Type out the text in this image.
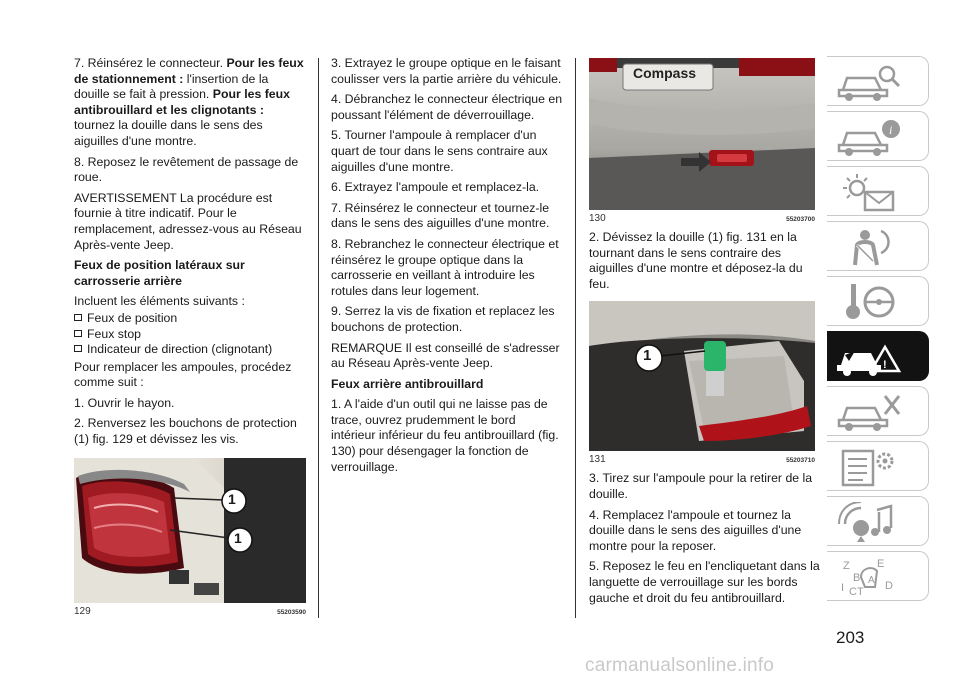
7. Réinsérez le connecteur. Pour les feux de stationnement : l'insertion de la douille se fait à pression. Pour les feux antibrouillard et les clignotants : tournez la douille dans le sens des aiguilles d'une montre.

8. Reposez le revêtement de passage de roue.

AVERTISSEMENT La procédure est fournie à titre indicatif. Pour le remplacement, adressez-vous au Réseau Après-vente Jeep.

Feux de position latéraux sur carrosserie arrière

Incluent les éléments suivants :

Feux de position
Feux stop
Indicateur de direction (clignotant)

Pour remplacer les ampoules, procédez comme suit :

1. Ouvrir le hayon.

2. Renversez les bouchons de protection (1) fig. 129 et dévissez les vis.

1
1
129	55203590

3. Extrayez le groupe optique en le faisant coulisser vers la partie arrière du véhicule.

4. Débranchez le connecteur électrique en poussant l'élément de déverrouillage.

5. Tourner l'ampoule à remplacer d'un quart de tour dans le sens contraire aux aiguilles d'une montre.

6. Extrayez l'ampoule et remplacez-la.

7. Réinsérez le connecteur et tournez-le dans le sens des aiguilles d'une montre.

8. Rebranchez le connecteur électrique et réinsérez le groupe optique dans la carrosserie en veillant à introduire les rotules dans leur logement.

9. Serrez la vis de fixation et replacez les bouchons de protection.

REMARQUE Il est conseillé de s'adresser au Réseau Après-vente Jeep.

Feux arrière antibrouillard

1. A l'aide d'un outil qui ne laisse pas de trace, ouvrez prudemment le bord intérieur inférieur du feu antibrouillard (fig. 130) pour désengager la fonction de verrouillage.

Compass
130	55203700

2. Dévissez la douille (1) fig. 131 en la tournant dans le sens contraire des aiguilles d'une montre et déposez-la du feu.

1
131	55203710

3. Tirez sur l'ampoule pour la retirer de la douille.

4. Remplacez l'ampoule et tournez la douille dans le sens des aiguilles d'une montre pour la reposer.

5. Reposez le feu en l'encliquetant dans la languette de verrouillage sur les bords gauche et droit du feu antibrouillard.

i
!
Z E
B
I C T D
A
203
carmanualsonline.info
